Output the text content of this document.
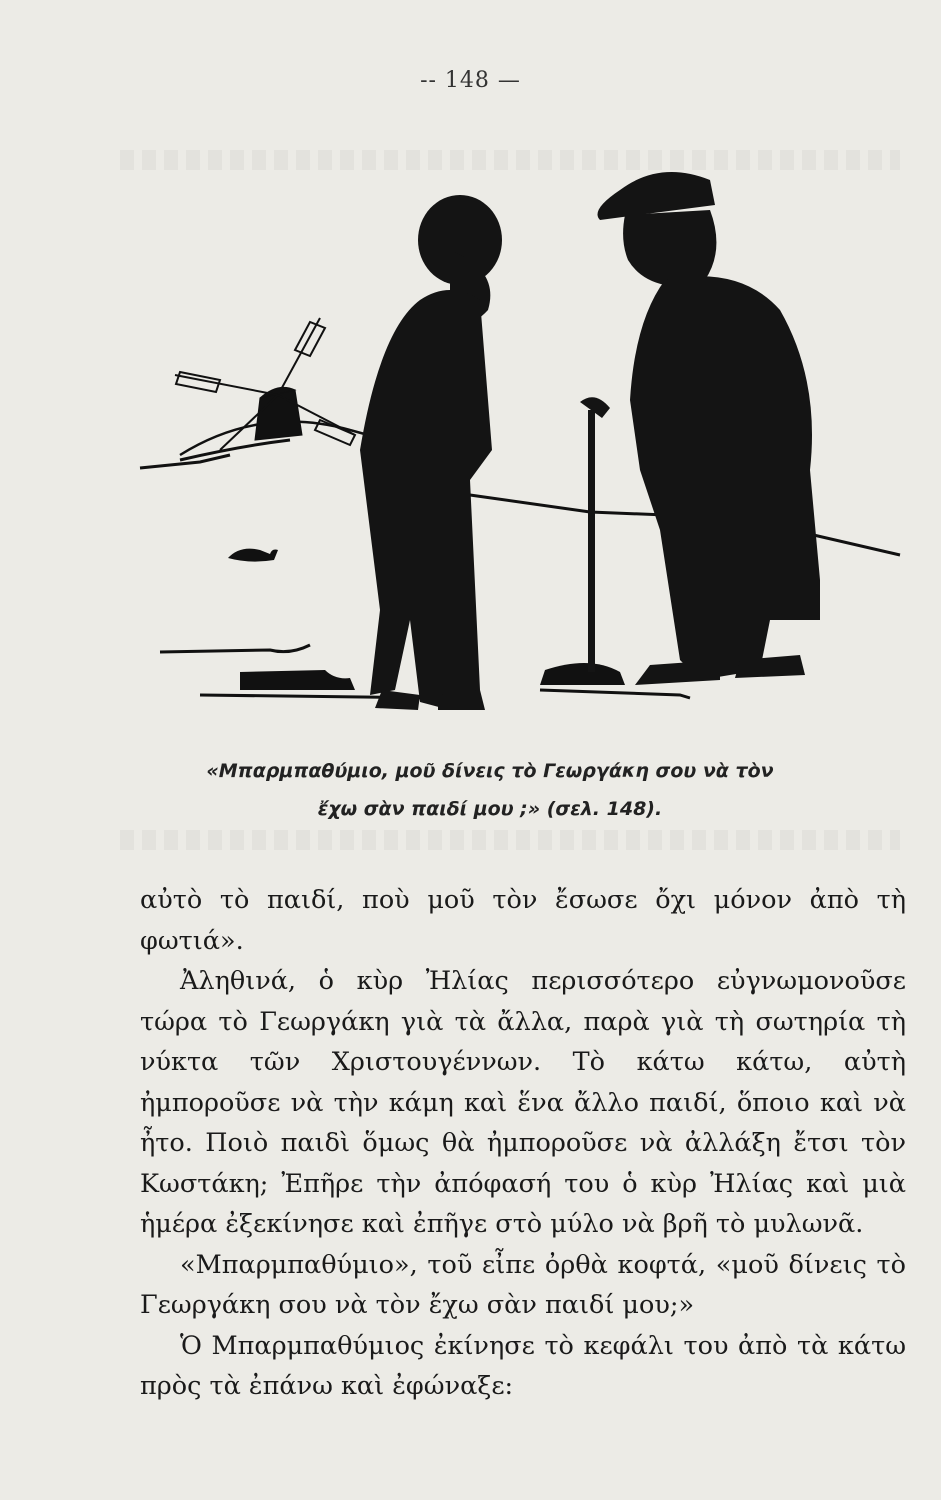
-- 148 —
«Μπαρμπαθύμιο, μοῦ δίνεις τὸ Γεωργάκη σου νὰ τὸν
ἔχω σὰν παιδί μου ;» (σελ. 148).

αὐτὸ τὸ παιδί, ποὺ μοῦ τὸν ἔσωσε ὄχι μόνον ἀπὸ τὴ φωτιά».

Ἀληθινά, ὁ κὺρ Ἠλίας περισσότερο εὐγνωμονοῦσε τώρα τὸ Γεωργάκη γιὰ τὰ ἄλλα, παρὰ γιὰ τὴ σωτηρία τὴ νύκτα τῶν Χριστουγέννων. Τὸ κάτω κάτω, αὐτὴ ἠμποροῦσε νὰ τὴν κάμη καὶ ἕνα ἄλλο παιδί, ὅποιο καὶ νὰ ἦτο. Ποιὸ παιδὶ ὅμως θὰ ἠμποροῦσε νὰ ἀλλάξη ἔτσι τὸν Κωστάκη; Ἐπῆρε τὴν ἀπόφασή του ὁ κὺρ Ἠλίας καὶ μιὰ ἡμέρα ἐξεκίνησε καὶ ἐπῆγε στὸ μύλο νὰ βρῆ τὸ μυλωνᾶ.

«Μπαρμπαθύμιο», τοῦ εἶπε ὀρθὰ κοφτά, «μοῦ δίνεις τὸ Γεωργάκη σου νὰ τὸν ἔχω σὰν παιδί μου;»

Ὁ Μπαρμπαθύμιος ἐκίνησε τὸ κεφάλι του ἀπὸ τὰ κάτω πρὸς τὰ ἐπάνω καὶ ἐφώναξε:
